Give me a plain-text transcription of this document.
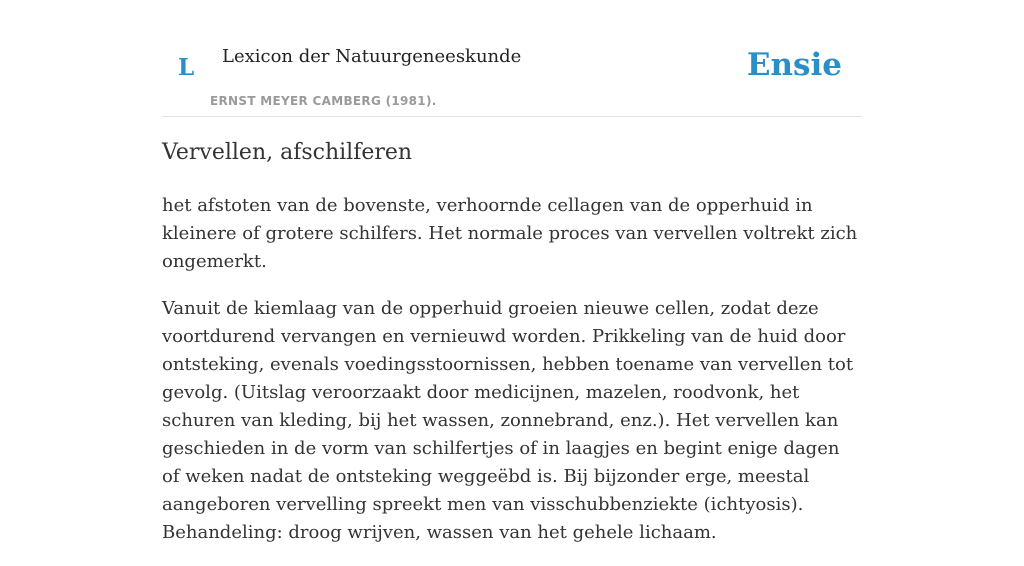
L Lexicon der Natuurgeneeskunde
ERNST MEYER CAMBERG (1981).
Ensie
Vervellen, afschilferen

het afstoten van de bovenste, verhoornde cellagen van de opperhuid in kleinere of grotere schilfers. Het normale proces van vervellen voltrekt zich ongemerkt.

Vanuit de kiemlaag van de opperhuid groeien nieuwe cellen, zodat deze voortdurend vervangen en vernieuwd worden. Prikkeling van de huid door ontsteking, evenals voedingsstoornissen, hebben toename van vervellen tot gevolg. (Uitslag veroorzaakt door medicijnen, mazelen, roodvonk, het schuren van kleding, bij het wassen, zonnebrand, enz.). Het vervellen kan geschieden in de vorm van schilfertjes of in laagjes en begint enige dagen of weken nadat de ontsteking weggeëbd is. Bij bijzonder erge, meestal aangeboren vervelling spreekt men van visschubbenziekte (ichtyosis). Behandeling: droog wrijven, wassen van het gehele lichaam.
